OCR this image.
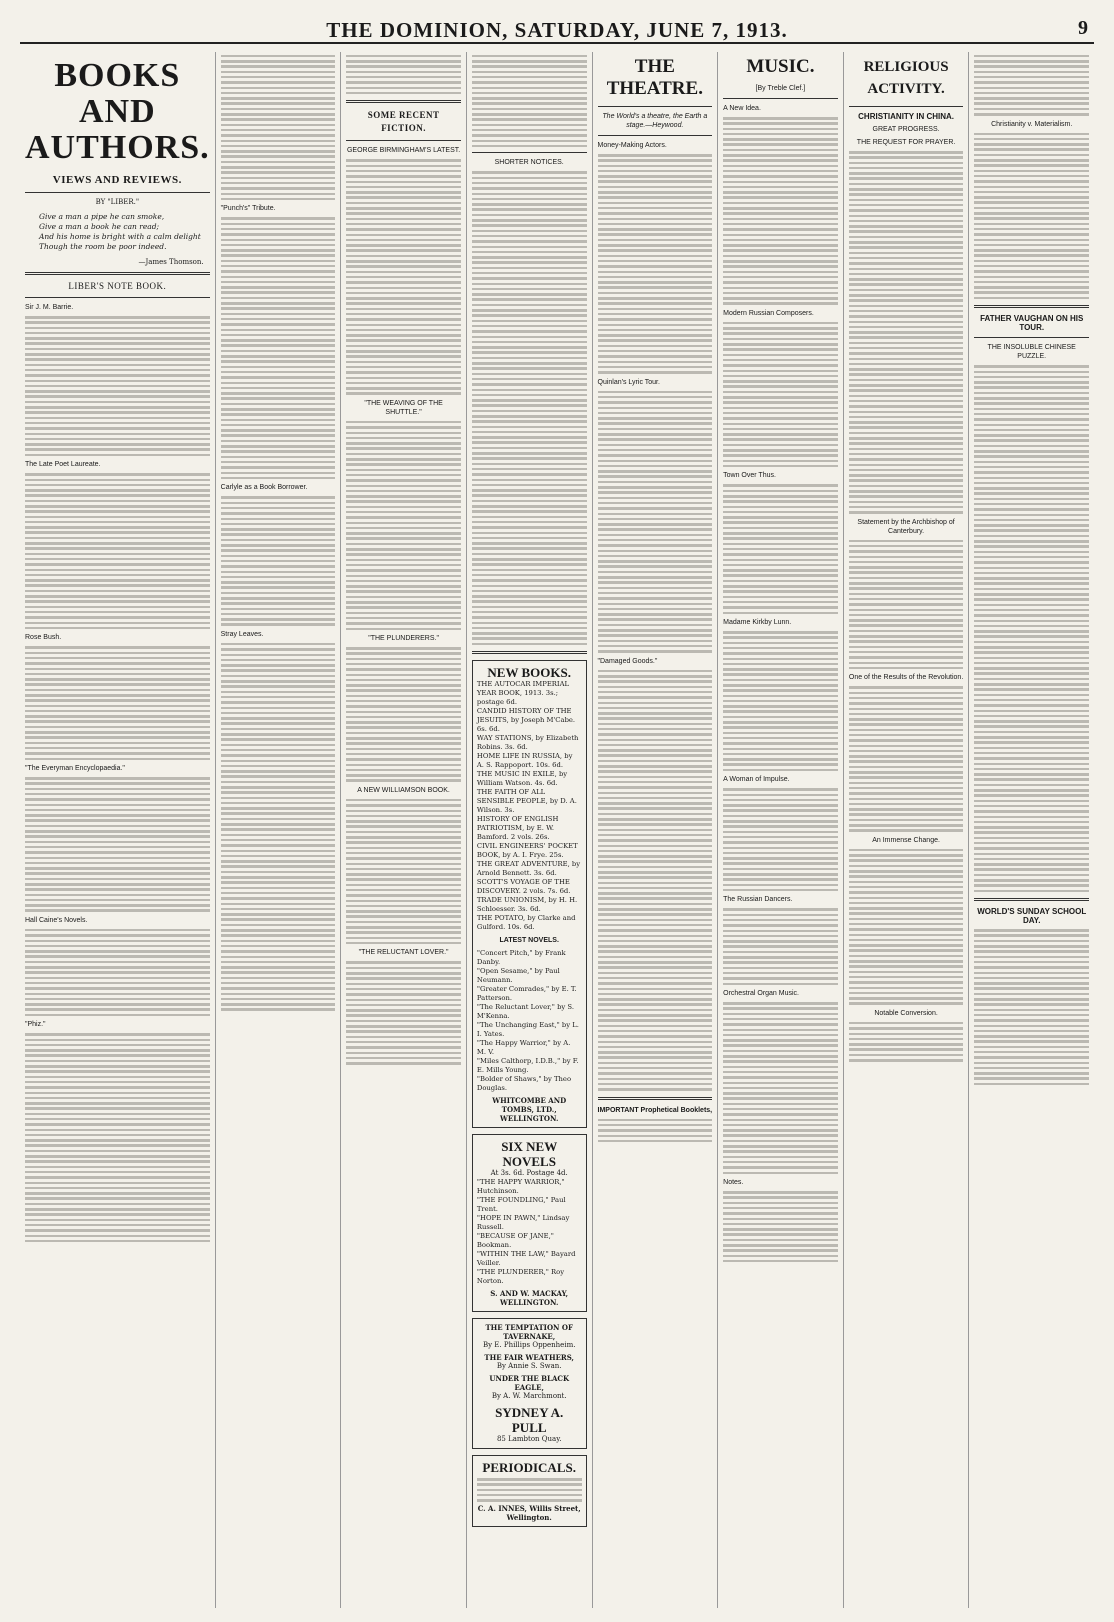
THE DOMINION, SATURDAY, JUNE 7, 1913.	9
BOOKS AND AUTHORS.
VIEWS AND REVIEWS.
BY "LIBER."
Give a man a pipe he can smoke,
Give a man a book he can read;
And his home is bright with a calm delight
Though the room be poor indeed.
—James Thomson.
LIBER'S NOTE BOOK.
Sir J. M. Barrie.
The Late Poet Laureate.
Rose Bush.
"The Everyman Encyclopaedia."
Hall Caine's Novels.
"Phiz."
"Punch's" Tribute.
Carlyle as a Book Borrower.
Stray Leaves.
SOME RECENT FICTION.
GEORGE BIRMINGHAM'S LATEST.
"THE WEAVING OF THE SHUTTLE."
"THE PLUNDERERS."
A NEW WILLIAMSON BOOK.
"THE RELUCTANT LOVER."
SHORTER NOTICES.
NEW BOOKS.
THE AUTOCAR IMPERIAL YEAR BOOK, 1913. 3s.; postage 6d.
CANDID HISTORY OF THE JESUITS, by Joseph M'Cabe. 6s. 6d.
WAY STATIONS, by Elizabeth Robins. 3s. 6d.
HOME LIFE IN RUSSIA, by A. S. Rappoport. 10s. 6d.
THE MUSIC IN EXILE, by William Watson. 4s. 6d.
THE FAITH OF ALL SENSIBLE PEOPLE, by D. A. Wilson. 3s.
HISTORY OF ENGLISH PATRIOTISM, by E. W. Bamford. 2 vols. 26s.
CIVIL ENGINEERS' POCKET BOOK, by A. I. Frye. 25s.
THE GREAT ADVENTURE, by Arnold Bennett. 3s. 6d.
SCOTT'S VOYAGE OF THE DISCOVERY. 2 vols. 7s. 6d.
TRADE UNIONISM, by H. H. Schloesser. 3s. 6d.
THE POTATO, by Clarke and Gulford. 10s. 6d.
LATEST NOVELS.
"Concert Pitch," by Frank Danby.
"Open Sesame," by Paul Neumann.
"Greater Comrades," by E. T. Patterson.
"The Reluctant Lover," by S. M'Kenna.
"The Unchanging East," by L. I. Yates.
"The Happy Warrior," by A. M. V.
"Miles Calthorp, I.D.B.," by F. E. Mills Young.
"Bolder of Shaws," by Theo Douglas.
WHITCOMBE AND TOMBS, LTD., WELLINGTON.
SIX NEW NOVELS
At 3s. 6d. Postage 4d.
"THE HAPPY WARRIOR," Hutchinson.
"THE FOUNDLING," Paul Trent.
"HOPE IN PAWN," Lindsay Russell.
"BECAUSE OF JANE," Bookman.
"WITHIN THE LAW," Bayard Veiller.
"THE PLUNDERER," Roy Norton.
S. AND W. MACKAY, WELLINGTON.
THE TEMPTATION OF TAVERNAKE,
By E. Phillips Oppenheim.
THE FAIR WEATHERS,
By Annie S. Swan.
UNDER THE BLACK EAGLE,
By A. W. Marchmont.
SYDNEY A. PULL
85 Lambton Quay.
PERIODICALS.
C. A. INNES, Willis Street, Wellington.
THE THEATRE.
The World's a theatre, the Earth a stage.—Heywood.
Money-Making Actors.
Quinlan's Lyric Tour.
"Damaged Goods."
IMPORTANT Prophetical Booklets,
MUSIC.
[By Treble Clef.]
A New Idea.
Modern Russian Composers.
Town Over Thus.
Madame Kirkby Lunn.
A Woman of Impulse.
The Russian Dancers.
Orchestral Organ Music.
Notes.
RELIGIOUS ACTIVITY.
CHRISTIANITY IN CHINA.
GREAT PROGRESS.
THE REQUEST FOR PRAYER.
Statement by the Archbishop of Canterbury.
One of the Results of the Revolution.
An Immense Change.
Notable Conversion.
Christianity v. Materialism.
FATHER VAUGHAN ON HIS TOUR.
THE INSOLUBLE CHINESE PUZZLE.
WORLD'S SUNDAY SCHOOL DAY.
